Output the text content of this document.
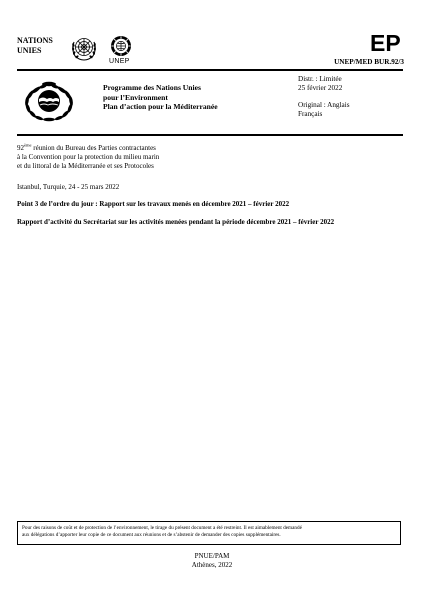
NATIONS
UNIES
UNEP
EP
UNEP/MED BUR.92/3
Programme des Nations Unies
pour l’Environment
Plan d’action pour la Méditerranée
Distr. : Limitée
25 février 2022
Original : Anglais
Français
92ème réunion du Bureau des Parties contractantes
à la Convention pour la protection du milieu marin
et du littoral de la Méditerranée et ses Protocoles
Istanbul, Turquie, 24 - 25 mars 2022
Point 3 de l’ordre du jour : Rapport sur les travaux menés en décembre 2021 – février 2022
Rapport d’activité du Secrétariat sur les activités menées pendant la période décembre 2021 – février 2022
Pour des raisons de coût et de protection de l’environnement, le tirage du présent document a été restreint. Il est aimablement demandé
aux délégations d’apporter leur copie de ce document aux réunions et de s’abstenir de demander des copies supplémentaires.
PNUE/PAM
Athènes, 2022
